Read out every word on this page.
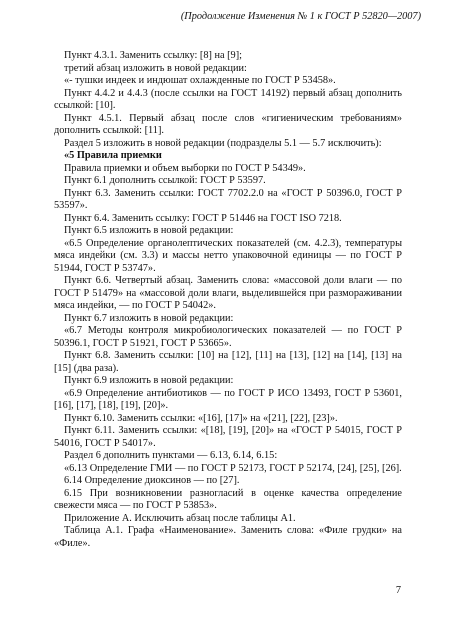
(Продолжение Изменения № 1 к ГОСТ Р 52820—2007)

Пункт 4.3.1. Заменить ссылку: [8] на [9];

третий абзац изложить в новой редакции:

«- тушки индеек и индюшат охлажденные по ГОСТ Р 53458».

Пункт 4.4.2 и 4.4.3 (после ссылки на ГОСТ 14192) первый абзац дополнить ссылкой: [10].

Пункт 4.5.1. Первый абзац после слов «гигиеническим требованиям» дополнить ссылкой: [11].

Раздел 5 изложить в новой редакции (подразделы 5.1 — 5.7 исключить):

«5 Правила приемки

Правила приемки и объем выборки по ГОСТ Р 54349».

Пункт 6.1 дополнить ссылкой: ГОСТ Р 53597.

Пункт 6.3. Заменить ссылки: ГОСТ 7702.2.0 на «ГОСТ Р 50396.0, ГОСТ Р 53597».

Пункт 6.4. Заменить ссылку: ГОСТ Р 51446 на ГОСТ ISO 7218.

Пункт 6.5 изложить в новой редакции:

«6.5 Определение органолептических показателей (см. 4.2.3), температуры мяса индейки (см. 3.3) и массы нетто упаковочной единицы — по ГОСТ Р 51944, ГОСТ Р 53747».

Пункт 6.6. Четвертый абзац. Заменить слова: «массовой доли влаги — по ГОСТ Р 51479» на «массовой доли влаги, выделившейся при размораживании мяса индейки, — по ГОСТ Р 54042».

Пункт 6.7 изложить в новой редакции:

«6.7 Методы контроля микробиологических показателей — по ГОСТ Р 50396.1, ГОСТ Р 51921, ГОСТ Р 53665».

Пункт 6.8. Заменить ссылки: [10] на [12], [11] на [13], [12] на [14], [13] на [15] (два раза).

Пункт 6.9 изложить в новой редакции:

«6.9 Определение антибиотиков — по ГОСТ Р ИСО 13493, ГОСТ Р 53601, [16], [17], [18], [19], [20]».

Пункт 6.10. Заменить ссылки: «[16], [17]» на «[21], [22], [23]».

Пункт 6.11. Заменить ссылки: «[18], [19], [20]» на «ГОСТ Р 54015, ГОСТ Р 54016, ГОСТ Р 54017».

Раздел 6 дополнить пунктами — 6.13, 6.14, 6.15:

«6.13 Определение ГМИ — по ГОСТ Р 52173, ГОСТ Р 52174, [24], [25], [26].

6.14 Определение диоксинов — по [27].

6.15 При возникновении разногласий в оценке качества определение свежести мяса — по ГОСТ Р 53853».

Приложение А. Исключить абзац после таблицы А1.

Таблица А.1. Графа «Наименование». Заменить слова: «Филе грудки» на «Филе».

7
